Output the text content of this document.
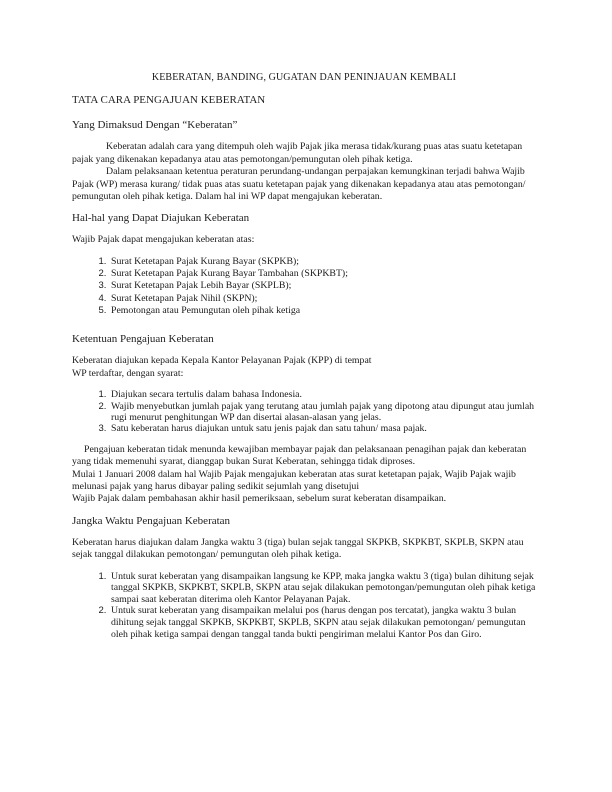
KEBERATAN, BANDING, GUGATAN DAN PENINJAUAN KEMBALI
TATA CARA PENGAJUAN KEBERATAN
Yang Dimaksud Dengan “Keberatan”

Keberatan adalah cara yang ditempuh oleh wajib Pajak jika merasa tidak/kurang puas atas suatu ketetapan pajak yang dikenakan kepadanya atau atas pemotongan/pemungutan oleh pihak ketiga.

Dalam pelaksanaan ketentua peraturan perundang-undangan perpajakan kemungkinan terjadi bahwa Wajib Pajak (WP) merasa kurang/ tidak puas atas suatu ketetapan pajak yang dikenakan kepadanya atau atas pemotongan/ pemungutan oleh pihak ketiga. Dalam hal ini WP dapat mengajukan keberatan.

Hal-hal yang Dapat Diajukan Keberatan

Wajib Pajak dapat mengajukan keberatan atas:

1. Surat Ketetapan Pajak Kurang Bayar (SKPKB);
2. Surat Ketetapan Pajak Kurang Bayar Tambahan (SKPKBT);
3. Surat Ketetapan Pajak Lebih Bayar (SKPLB);
4. Surat Ketetapan Pajak Nihil (SKPN);
5. Pemotongan atau Pemungutan oleh pihak ketiga
Ketentuan Pengajuan Keberatan

Keberatan diajukan kepada Kepala Kantor Pelayanan Pajak (KPP) di tempat

WP terdaftar, dengan syarat:

1. Diajukan secara tertulis dalam bahasa Indonesia.
2. Wajib menyebutkan jumlah pajak yang terutang atau jumlah pajak yang dipotong atau dipungut atau jumlah rugi menurut penghitungan WP dan disertai alasan-alasan yang jelas.
3. Satu keberatan harus diajukan untuk satu jenis pajak dan satu tahun/ masa pajak.

Pengajuan keberatan tidak menunda kewajiban membayar pajak dan pelaksanaan penagihan pajak dan keberatan yang tidak memenuhi syarat, dianggap bukan Surat Keberatan, sehingga tidak diproses.

Mulai 1 Januari 2008 dalam hal Wajib Pajak mengajukan keberatan atas surat ketetapan pajak, Wajib Pajak wajib melunasi pajak yang harus dibayar paling sedikit sejumlah yang disetujui

Wajib Pajak dalam pembahasan akhir hasil pemeriksaan, sebelum surat keberatan disampaikan.

Jangka Waktu Pengajuan Keberatan

Keberatan harus diajukan dalam Jangka waktu 3 (tiga) bulan sejak tanggal SKPKB, SKPKBT, SKPLB, SKPN atau sejak tanggal dilakukan pemotongan/ pemungutan oleh pihak ketiga.

1. Untuk surat keberatan yang disampaikan langsung ke KPP, maka jangka waktu 3 (tiga) bulan dihitung sejak tanggal SKPKB, SKPKBT, SKPLB, SKPN atau sejak dilakukan pemotongan/pemungutan oleh pihak ketiga sampai saat keberatan diterima oleh Kantor Pelayanan Pajak.
2. Untuk surat keberatan yang disampaikan melalui pos (harus dengan pos tercatat), jangka waktu 3 bulan dihitung sejak tanggal SKPKB, SKPKBT, SKPLB, SKPN atau sejak dilakukan pemotongan/ pemungutan oleh pihak ketiga sampai dengan tanggal tanda bukti pengiriman melalui Kantor Pos dan Giro.
